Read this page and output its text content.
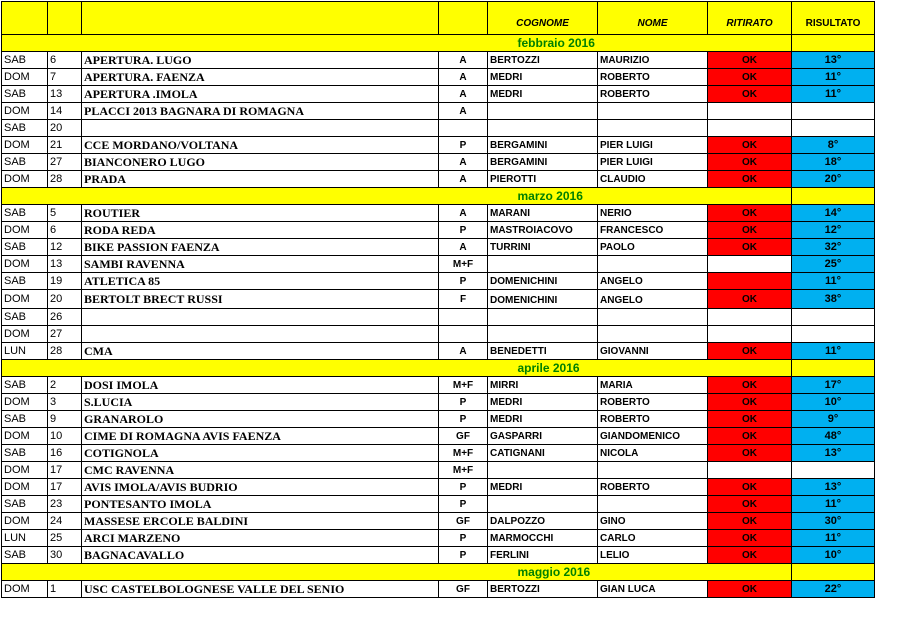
				COGNOME	NOME	RITIRATO	RISULTATO
				febbraio 2016			
SAB	6	APERTURA. LUGO	A	BERTOZZI	MAURIZIO	OK	13°
DOM	7	APERTURA. FAENZA	A	MEDRI	ROBERTO	OK	11°
SAB	13	APERTURA .IMOLA	A	MEDRI	ROBERTO	OK	11°
DOM	14	PLACCI 2013 BAGNARA DI ROMAGNA	A				
SAB	20						
DOM	21	CCE MORDANO/VOLTANA	P	BERGAMINI	PIER LUIGI	OK	8°
SAB	27	BIANCONERO LUGO	A	BERGAMINI	PIER LUIGI	OK	18°
DOM	28	PRADA	A	PIEROTTI	CLAUDIO	OK	20°
				marzo 2016			
SAB	5	ROUTIER	A	MARANI	NERIO	OK	14°
DOM	6	RODA REDA	P	MASTROIACOVO	FRANCESCO	OK	12°
SAB	12	BIKE PASSION FAENZA	A	TURRINI	PAOLO	OK	32°
DOM	13	SAMBI RAVENNA	M+F				25°
SAB	19	ATLETICA 85	P	DOMENICHINI	ANGELO		11°
DOM	20	BERTOLT BRECT RUSSI	F	DOMENICHINI	ANGELO	OK	38°
SAB	26						
DOM	27						
LUN	28	CMA	A	BENEDETTI	GIOVANNI	OK	11°
				aprile 2016			
SAB	2	DOSI IMOLA	M+F	MIRRI	MARIA	OK	17°
DOM	3	S.LUCIA	P	MEDRI	ROBERTO	OK	10°
SAB	9	GRANAROLO	P	MEDRI	ROBERTO	OK	9°
DOM	10	CIME DI ROMAGNA AVIS FAENZA	GF	GASPARRI	GIANDOMENICO	OK	48°
SAB	16	COTIGNOLA	M+F	CATIGNANI	NICOLA	OK	13°
DOM	17	CMC RAVENNA	M+F				
DOM	17	AVIS IMOLA/AVIS BUDRIO	P	MEDRI	ROBERTO	OK	13°
SAB	23	PONTESANTO IMOLA	P			OK	11°
DOM	24	MASSESE ERCOLE BALDINI	GF	DALPOZZO	GINO	OK	30°
LUN	25	ARCI MARZENO	P	MARMOCCHI	CARLO	OK	11°
SAB	30	BAGNACAVALLO	P	FERLINI	LELIO	OK	10°
				maggio 2016			
DOM	1	USC CASTELBOLOGNESE VALLE DEL SENIO	GF	BERTOZZI	GIAN LUCA	OK	22°
